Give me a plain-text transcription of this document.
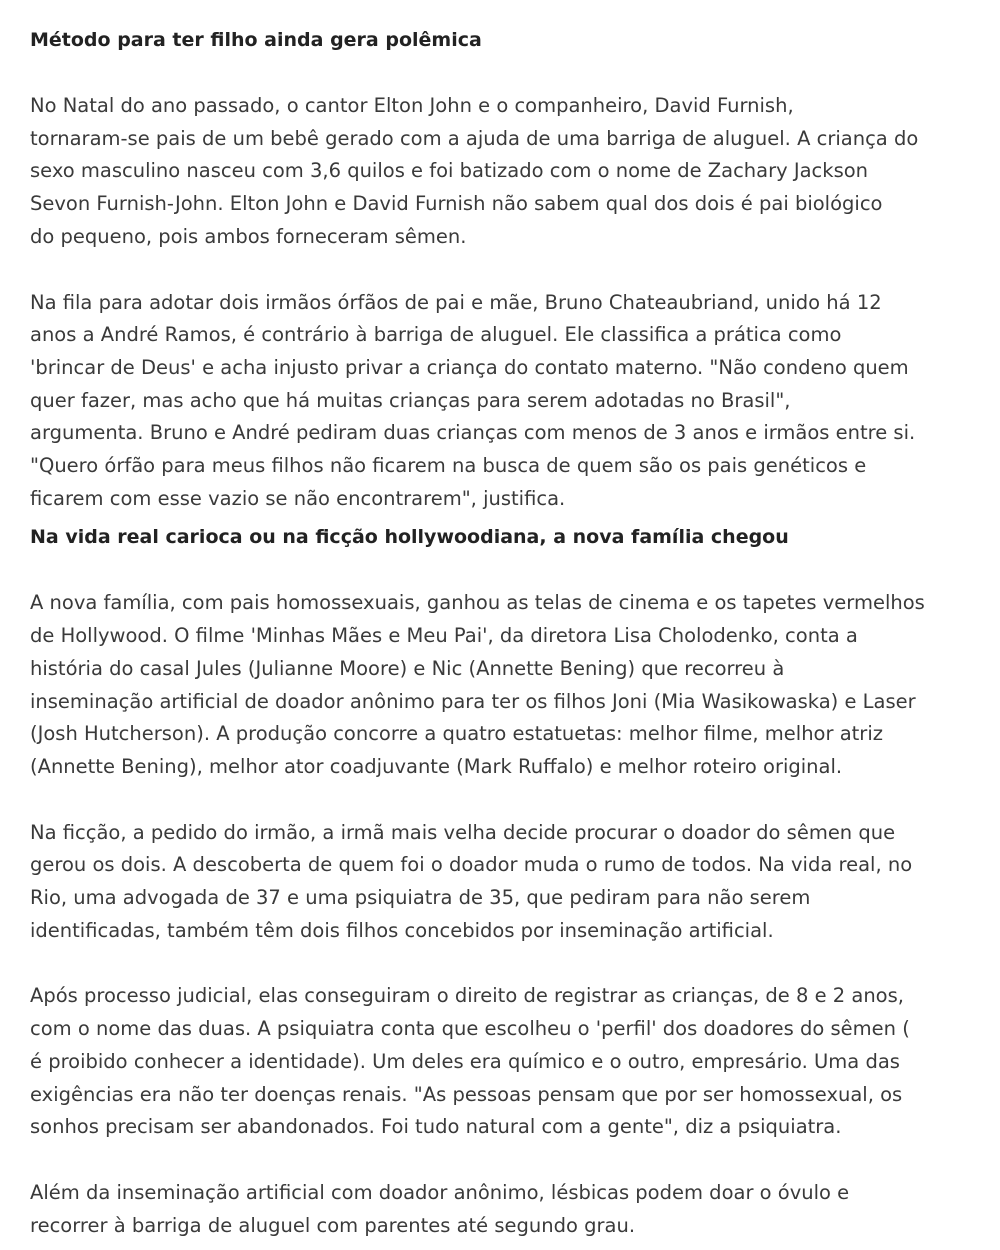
Método para ter filho ainda gera polêmica

No Natal do ano passado, o cantor Elton John e o companheiro, David Furnish,
tornaram-se pais de um bebê gerado com a ajuda de uma barriga de aluguel. A criança do
sexo masculino nasceu com 3,6 quilos e foi batizado com o nome de Zachary Jackson
Sevon Furnish-John. Elton John e David Furnish não sabem qual dos dois é pai biológico
do pequeno, pois ambos forneceram sêmen.

Na fila para adotar dois irmãos órfãos de pai e mãe, Bruno Chateaubriand, unido há 12
anos a André Ramos, é contrário à barriga de aluguel. Ele classifica a prática como
'brincar de Deus' e acha injusto privar a criança do contato materno. "Não condeno quem
quer fazer, mas acho que há muitas crianças para serem adotadas no Brasil",
argumenta. Bruno e André pediram duas crianças com menos de 3 anos e irmãos entre si.
"Quero órfão para meus filhos não ficarem na busca de quem são os pais genéticos e
ficarem com esse vazio se não encontrarem", justifica.

Na vida real carioca ou na ficção hollywoodiana, a nova família chegou

A nova família, com pais homossexuais, ganhou as telas de cinema e os tapetes vermelhos
de Hollywood. O filme 'Minhas Mães e Meu Pai', da diretora Lisa Cholodenko, conta a
história do casal Jules (Julianne Moore) e Nic (Annette Bening) que recorreu à
inseminação artificial de doador anônimo para ter os filhos Joni (Mia Wasikowaska) e Laser
(Josh Hutcherson). A produção concorre a quatro estatuetas: melhor filme, melhor atriz
(Annette Bening), melhor ator coadjuvante (Mark Ruffalo) e melhor roteiro original.

Na ficção, a pedido do irmão, a irmã mais velha decide procurar o doador do sêmen que
gerou os dois. A descoberta de quem foi o doador muda o rumo de todos. Na vida real, no
Rio, uma advogada de 37 e uma psiquiatra de 35, que pediram para não serem
identificadas, também têm dois filhos concebidos por inseminação artificial.

Após processo judicial, elas conseguiram o direito de registrar as crianças, de 8 e 2 anos,
com o nome das duas. A psiquiatra conta que escolheu o 'perfil' dos doadores do sêmen (
é proibido conhecer a identidade). Um deles era químico e o outro, empresário. Uma das
exigências era não ter doenças renais. "As pessoas pensam que por ser homossexual, os
sonhos precisam ser abandonados. Foi tudo natural com a gente", diz a psiquiatra.

Além da inseminação artificial com doador anônimo, lésbicas podem doar o óvulo e
recorrer à barriga de aluguel com parentes até segundo grau.
